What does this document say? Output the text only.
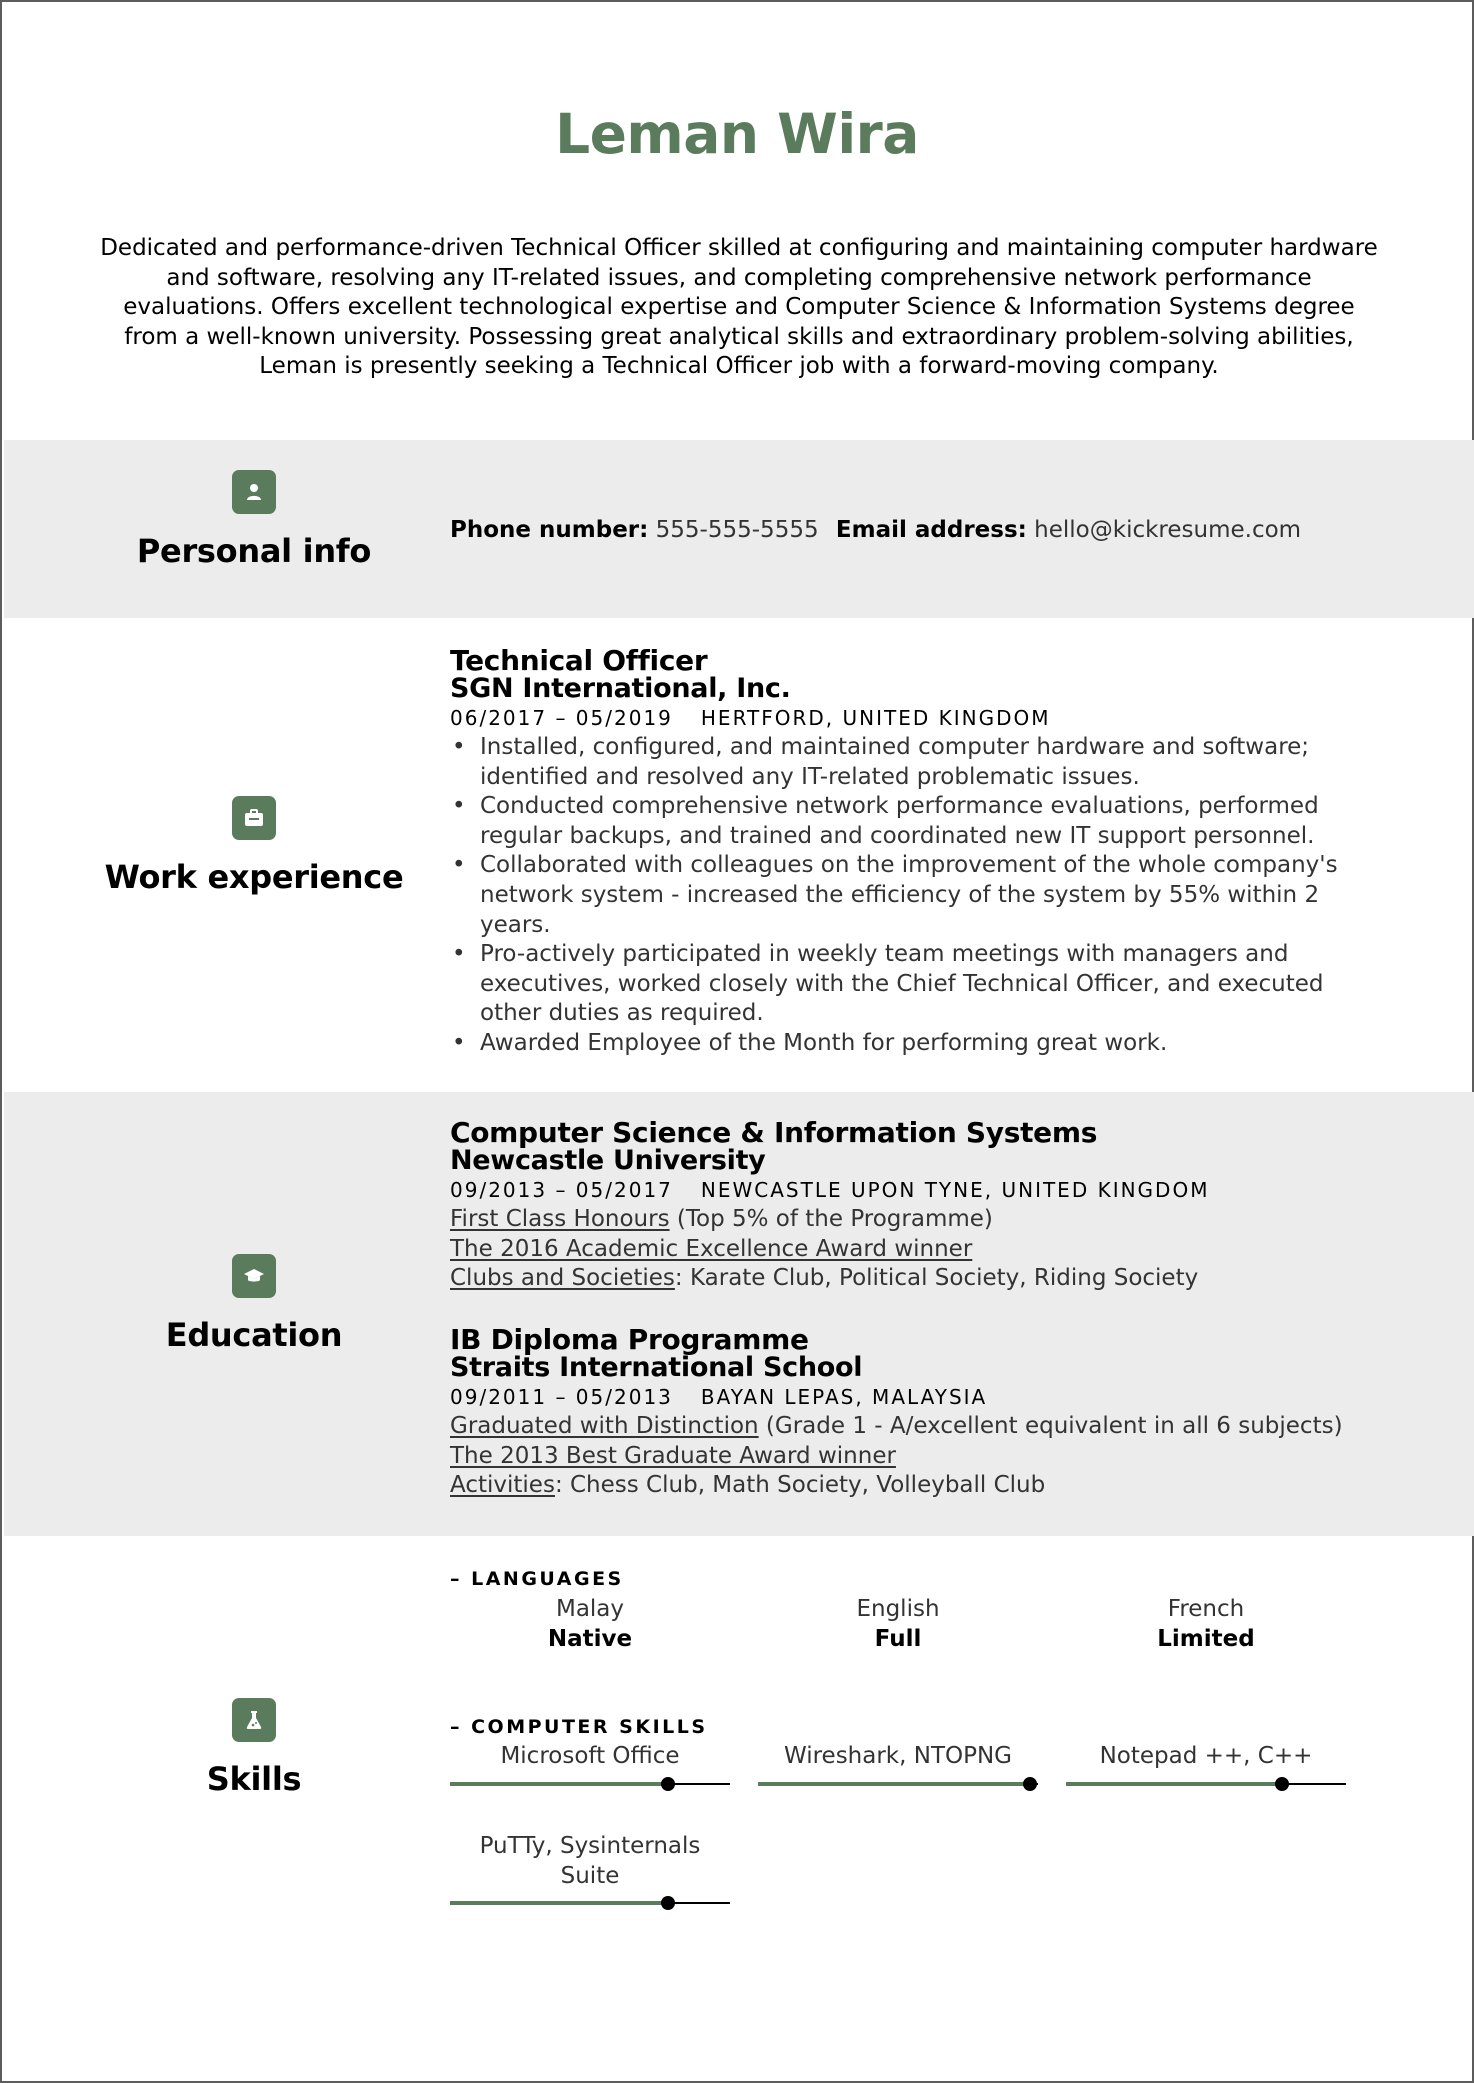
Leman Wira
Dedicated and performance-driven Technical Officer skilled at configuring and maintaining computer hardware and software, resolving any IT-related issues, and completing comprehensive network performance evaluations. Offers excellent technological expertise and Computer Science & Information Systems degree from a well-known university. Possessing great analytical skills and extraordinary problem-solving abilities, Leman is presently seeking a Technical Officer job with a forward-moving company.
Personal info
Phone number: 555-555-5555 Email address: hello@kickresume.com
Work experience
Technical Officer
SGN International, Inc.
06/2017 – 05/2019 HERTFORD, UNITED KINGDOM
• Installed, configured, and maintained computer hardware and software; identified and resolved any IT-related problematic issues.
• Conducted comprehensive network performance evaluations, performed regular backups, and trained and coordinated new IT support personnel.
• Collaborated with colleagues on the improvement of the whole company's network system - increased the efficiency of the system by 55% within 2 years.
• Pro-actively participated in weekly team meetings with managers and executives, worked closely with the Chief Technical Officer, and executed other duties as required.
• Awarded Employee of the Month for performing great work.
Education
Computer Science & Information Systems
Newcastle University
09/2013 – 05/2017 NEWCASTLE UPON TYNE, UNITED KINGDOM
First Class Honours (Top 5% of the Programme)
The 2016 Academic Excellence Award winner
Clubs and Societies: Karate Club, Political Society, Riding Society
IB Diploma Programme
Straits International School
09/2011 – 05/2013 BAYAN LEPAS, MALAYSIA
Graduated with Distinction (Grade 1 - A/excellent equivalent in all 6 subjects)
The 2013 Best Graduate Award winner
Activities: Chess Club, Math Society, Volleyball Club
Skills
– LANGUAGES
Malay
Native
English
Full
French
Limited
– COMPUTER SKILLS
Microsoft Office	Wireshark, NTOPNG	Notepad ++, C++
PuTTy, Sysinternals
Suite
